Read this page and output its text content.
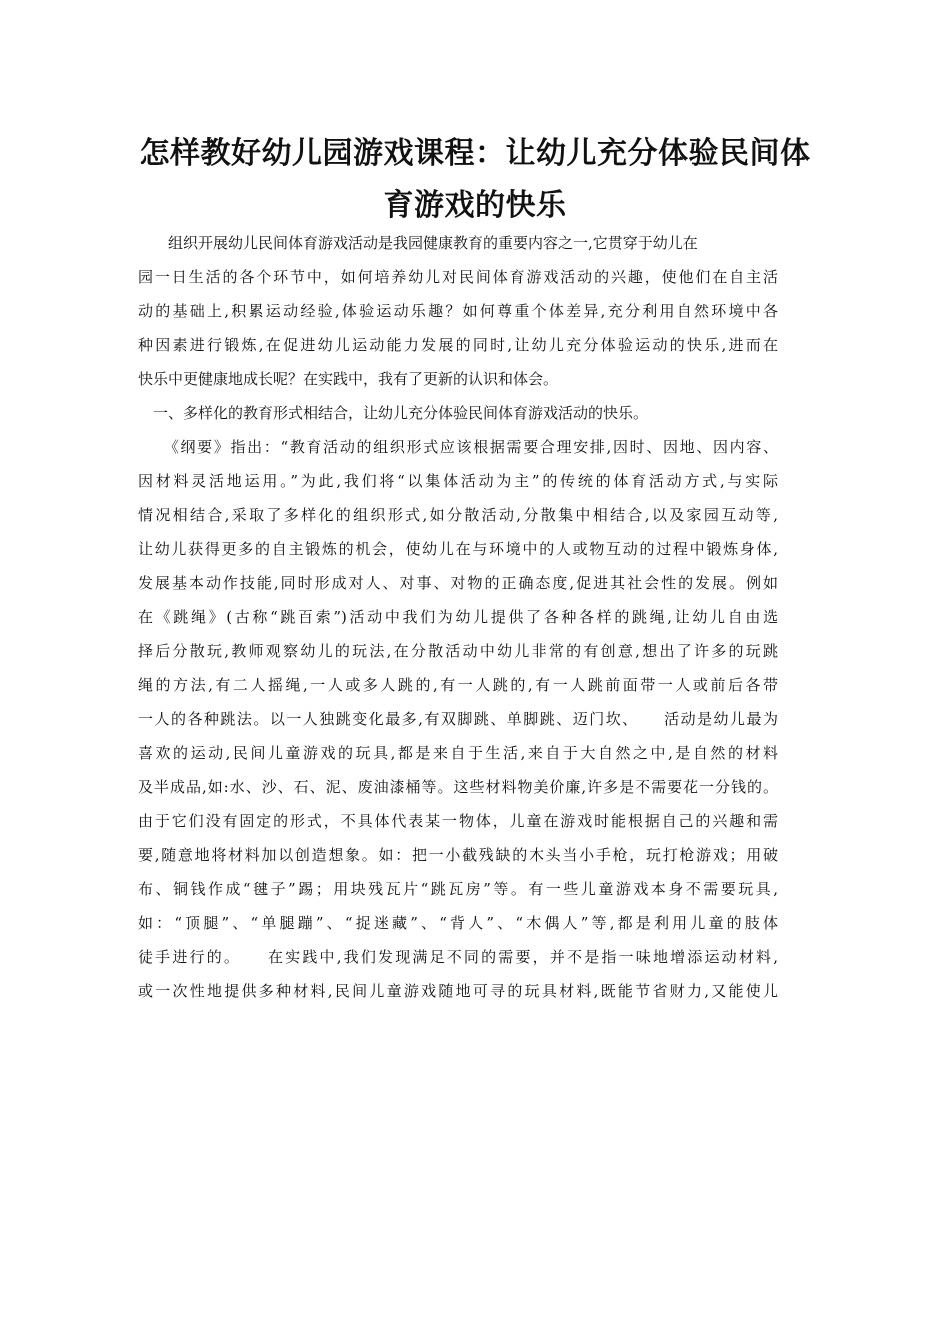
怎样教好幼儿园游戏课程：让幼儿充分体验民间体
育游戏的快乐
　　组织开展幼儿民间体育游戏活动是我园健康教育的重要内容之一,它贯穿于幼儿在
园一日生活的各个环节中，如何培养幼儿对民间体育游戏活动的兴趣，使他们在自主活
动的基础上,积累运动经验,体验运动乐趣？如何尊重个体差异,充分利用自然环境中各
种因素进行锻炼,在促进幼儿运动能力发展的同时,让幼儿充分体验运动的快乐,进而在
快乐中更健康地成长呢？在实践中，我有了更新的认识和体会。
　一、多样化的教育形式相结合，让幼儿充分体验民间体育游戏活动的快乐。
　　《纲要》指出：“教育活动的组织形式应该根据需要合理安排,因时、因地、因内容、
因材料灵活地运用。”为此,我们将“以集体活动为主”的传统的体育活动方式,与实际
情况相结合,采取了多样化的组织形式,如分散活动,分散集中相结合,以及家园互动等,
让幼儿获得更多的自主锻炼的机会，使幼儿在与环境中的人或物互动的过程中锻炼身体,
发展基本动作技能,同时形成对人、对事、对物的正确态度,促进其社会性的发展。例如
在《跳绳》(古称“跳百索”)活动中我们为幼儿提供了各种各样的跳绳,让幼儿自由选
择后分散玩,教师观察幼儿的玩法,在分散活动中幼儿非常的有创意,想出了许多的玩跳
绳的方法,有二人摇绳,一人或多人跳的,有一人跳的,有一人跳前面带一人或前后各带
一人的各种跳法。以一人独跳变化最多,有双脚跳、单脚跳、迈门坎、　　活动是幼儿最为
喜欢的运动,民间儿童游戏的玩具,都是来自于生活,来自于大自然之中,是自然的材料
及半成品,如:水、沙、石、泥、废油漆桶等。这些材料物美价廉,许多是不需要花一分钱的。
由于它们没有固定的形式，不具体代表某一物体，儿童在游戏时能根据自己的兴趣和需
要,随意地将材料加以创造想象。如：把一小截残缺的木头当小手枪，玩打枪游戏；用破
布、铜钱作成“毽子”踢；用块残瓦片“跳瓦房”等。有一些儿童游戏本身不需要玩具,
如：“顶腿”、“单腿蹦”、“捉迷藏”、“背人”、“木偶人”等,都是利用儿童的肢体
徒手进行的。　　在实践中,我们发现满足不同的需要，并不是指一味地增添运动材料,
或一次性地提供多种材料,民间儿童游戏随地可寻的玩具材料,既能节省财力,又能使儿
